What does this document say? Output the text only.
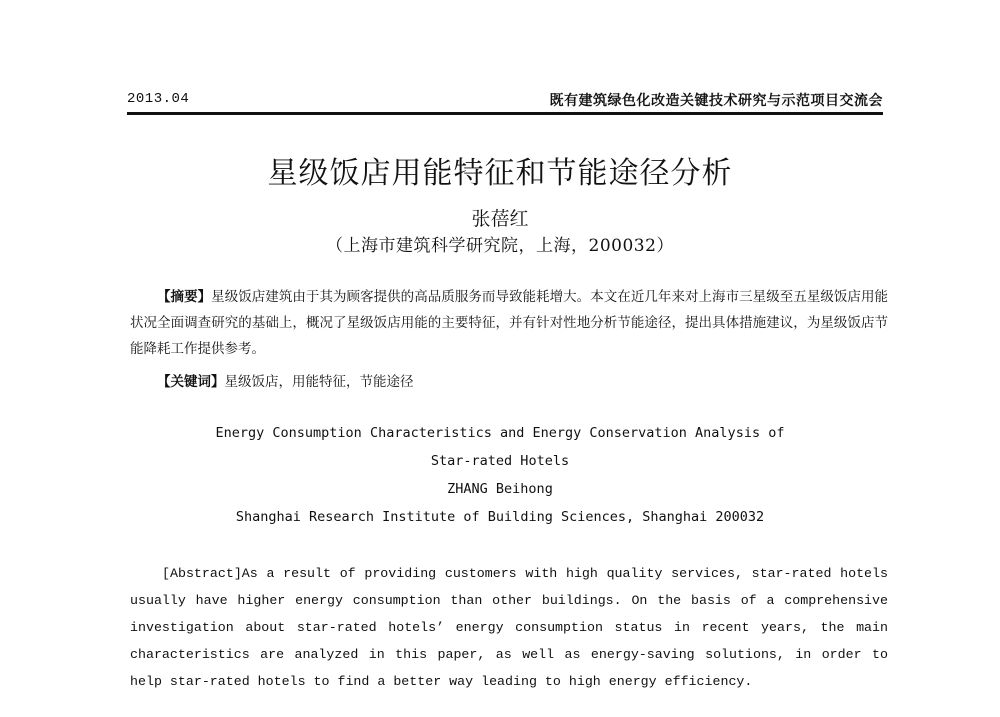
2013.04	既有建筑绿色化改造关键技术研究与示范项目交流会
星级饭店用能特征和节能途径分析
张蓓红
（上海市建筑科学研究院，上海，200032）

【摘要】星级饭店建筑由于其为顾客提供的高品质服务而导致能耗增大。本文在近几年来对上海市三星级至五星级饭店用能状况全面调查研究的基础上，概况了星级饭店用能的主要特征，并有针对性地分析节能途径，提出具体措施建议，为星级饭店节能降耗工作提供参考。

【关键词】星级饭店，用能特征，节能途径
Energy Consumption Characteristics and Energy Conservation Analysis of
Star-rated Hotels
ZHANG Beihong
Shanghai Research Institute of Building Sciences, Shanghai 200032

[Abstract]As a result of providing customers with high quality services, star-rated hotels usually have higher energy consumption than other buildings. On the basis of a comprehensive investigation about star-rated hotels’ energy consumption status in recent years, the main characteristics are analyzed in this paper, as well as energy-saving solutions, in order to help star-rated hotels to find a better way leading to high energy efficiency.
